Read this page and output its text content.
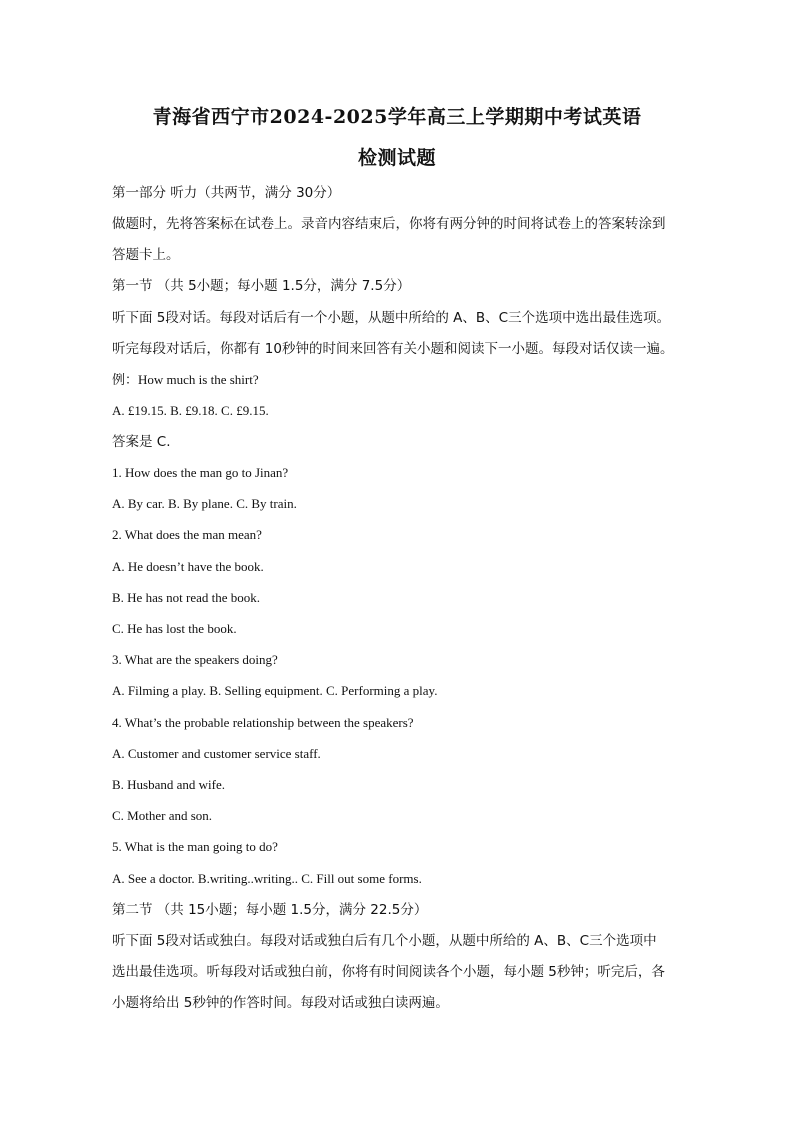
青海省西宁市2024-2025学年高三上学期期中考试英语
检测试题
第一部分 听力（共两节，满分 30分）
做题时，先将答案标在试卷上。录音内容结束后，你将有两分钟的时间将试卷上的答案转涂到
答题卡上。
第一节 （共 5小题；每小题 1.5分，满分 7.5分）
听下面 5段对话。每段对话后有一个小题，从题中所给的 A、B、C三个选项中选出最佳选项。
听完每段对话后，你都有 10秒钟的时间来回答有关小题和阅读下一小题。每段对话仅读一遍。
例：How much is the shirt?
A. £19.15. B. £9.18. C. £9.15.
答案是 C.
1. How does the man go to Jinan?
A. By car. B. By plane. C. By train.
2. What does the man mean?
A. He doesn’t have the book.
B. He has not read the book.
C. He has lost the book.
3. What are the speakers doing?
A. Filming a play. B. Selling equipment. C. Performing a play.
4. What’s the probable relationship between the speakers?
A. Customer and customer service staff.
B. Husband and wife.
C. Mother and son.
5. What is the man going to do?
A. See a doctor. B.writing..writing.. C. Fill out some forms.
第二节 （共 15小题；每小题 1.5分，满分 22.5分）
听下面 5段对话或独白。每段对话或独白后有几个小题，从题中所给的 A、B、C三个选项中
选出最佳选项。听每段对话或独白前，你将有时间阅读各个小题，每小题 5秒钟；听完后，各
小题将给出 5秒钟的作答时间。每段对话或独白读两遍。
